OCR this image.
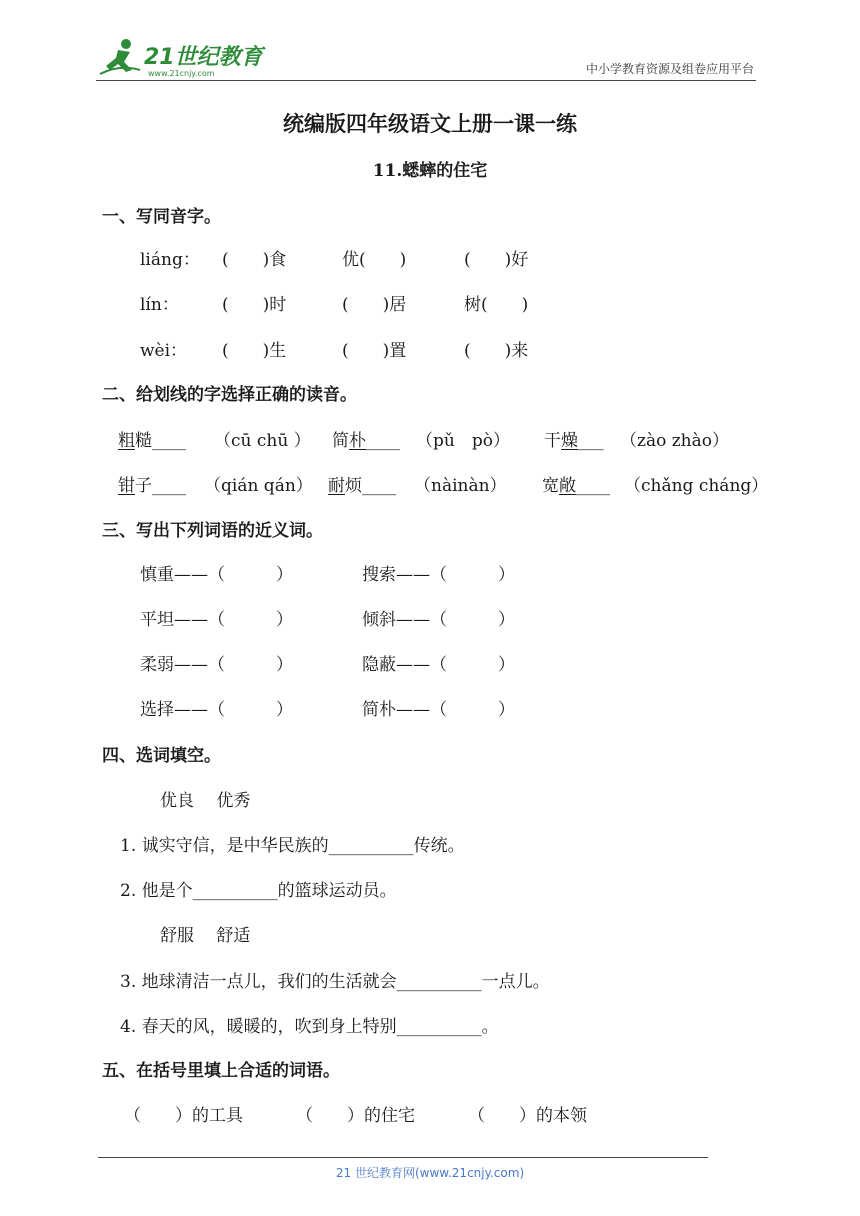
21世纪教育
www.21cnjy.com	中小学教育资源及组卷应用平台
统编版四年级语文上册一课一练
11.蟋蟀的住宅
一、写同音字。
liáng： (　　)食	优(　　)	(　　)好
lín：	(　　)时	(　　)居	树(　　)
wèi： (　　)生	(　　)置	(　　)来
二、给划线的字选择正确的读音。
粗糙____ （cū chū ） 简朴____ （pǔ　pò） 干燥___ （zào zhào）
钳子____ （qián qán） 耐烦____ （nàinàn） 宽敞____ （chǎng cháng）
三、写出下列词语的近义词。
慎重——（　　　）	搜索——（　　　）
平坦——（　　　）	倾斜——（　　　）
柔弱——（　　　）	隐蔽——（　　　）
选择——（　　　）	简朴——（　　　）
四、选词填空。
优良　 优秀
1. 诚实守信，是中华民族的__________传统。
2. 他是个__________的篮球运动员。
舒服　 舒适
3. 地球清洁一点儿，我们的生活就会__________一点儿。
4. 春天的风，暖暖的，吹到身上特别__________。
五、在括号里填上合适的词语。
（　　）的工具	（　　）的住宅	（　　）的本领
21 世纪教育网(www.21cnjy.com)
